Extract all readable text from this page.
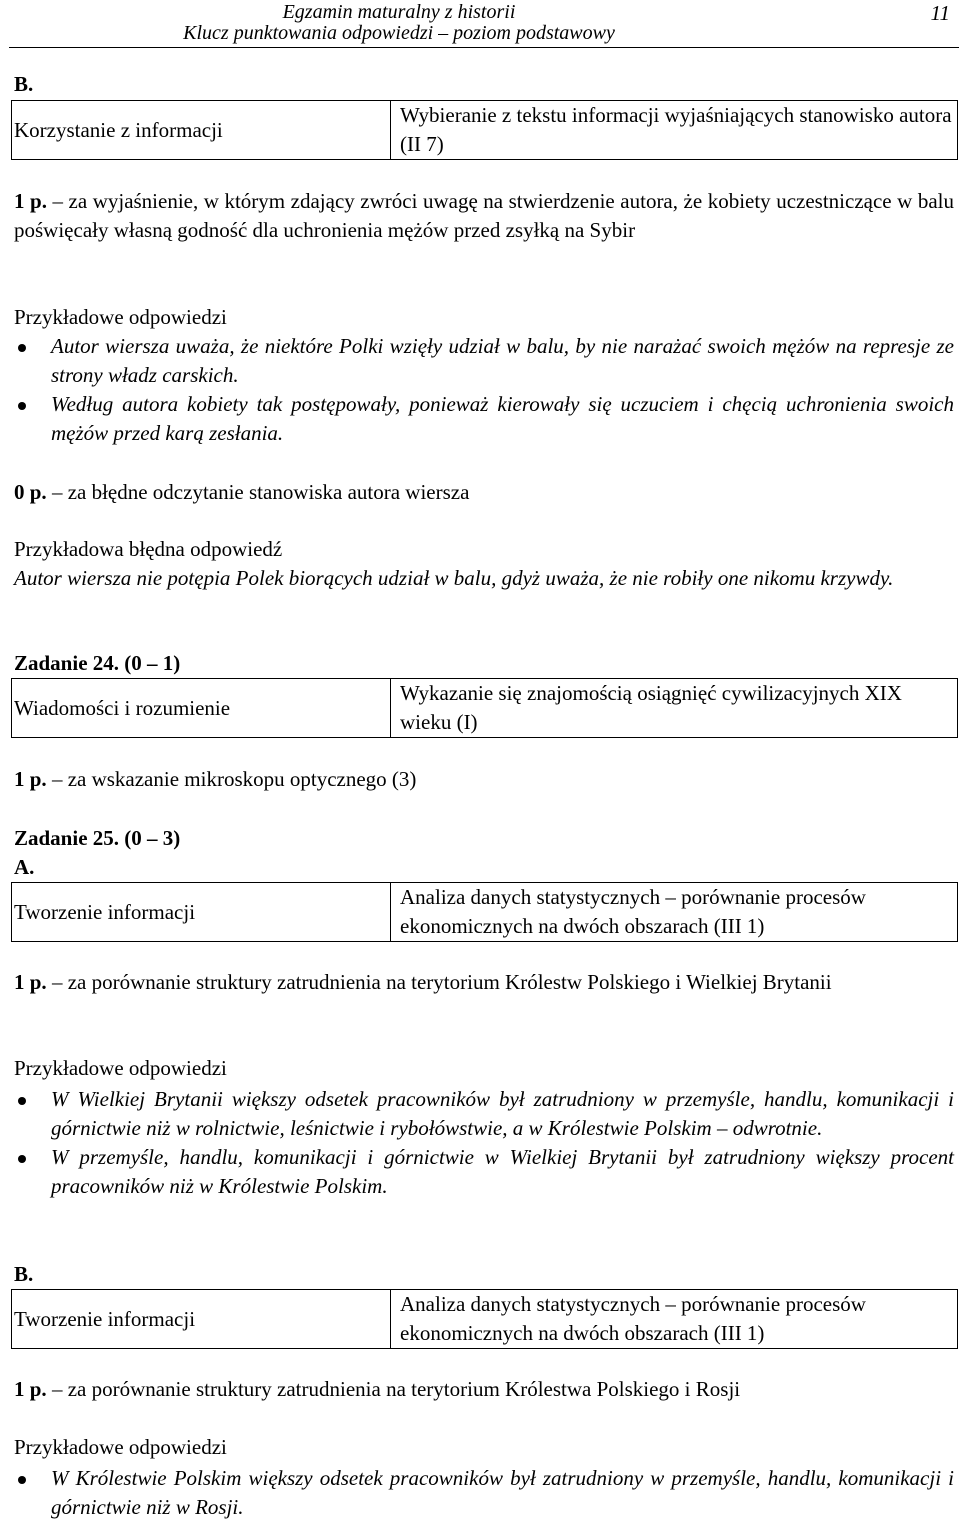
Egzamin maturalny z historii
Klucz punktowania odpowiedzi – poziom podstawowy
11
B.
Korzystanie z informacji	Wybieranie z tekstu informacji wyjaśniających stanowisko autora (II 7)
1 p. – za wyjaśnienie, w którym zdający zwróci uwagę na stwierdzenie autora, że kobiety uczestniczące w balu poświęcały własną godność dla uchronienia mężów przed zsyłką na Sybir
Przykładowe odpowiedzi
Autor wiersza uważa, że niektóre Polki wzięły udział w balu, by nie narażać swoich mężów na represje ze strony władz carskich.
Według autora kobiety tak postępowały, ponieważ kierowały się uczuciem i chęcią uchronienia swoich mężów przed karą zesłania.
0 p. – za błędne odczytanie stanowiska autora wiersza
Przykładowa błędna odpowiedź
Autor wiersza nie potępia Polek biorących udział w balu, gdyż uważa, że nie robiły one nikomu krzywdy.
Zadanie 24. (0 – 1)
Wiadomości i rozumienie	Wykazanie się znajomością osiągnięć cywilizacyjnych XIX wieku (I)
1 p. – za wskazanie mikroskopu optycznego (3)
Zadanie 25. (0 – 3)
A.
Tworzenie informacji	Analiza danych statystycznych – porównanie procesów ekonomicznych na dwóch obszarach (III 1)
1 p. – za porównanie struktury zatrudnienia na terytorium Królestw Polskiego i Wielkiej Brytanii
Przykładowe odpowiedzi
W Wielkiej Brytanii większy odsetek pracowników był zatrudniony w przemyśle, handlu, komunikacji i górnictwie niż w rolnictwie, leśnictwie i rybołówstwie, a w Królestwie Polskim – odwrotnie.
W przemyśle, handlu, komunikacji i górnictwie w Wielkiej Brytanii był zatrudniony większy procent pracowników niż w Królestwie Polskim.
B.
Tworzenie informacji	Analiza danych statystycznych – porównanie procesów ekonomicznych na dwóch obszarach (III 1)
1 p. – za porównanie struktury zatrudnienia na terytorium Królestwa Polskiego i Rosji
Przykładowe odpowiedzi
W Królestwie Polskim większy odsetek pracowników był zatrudniony w przemyśle, handlu, komunikacji i górnictwie niż w Rosji.
